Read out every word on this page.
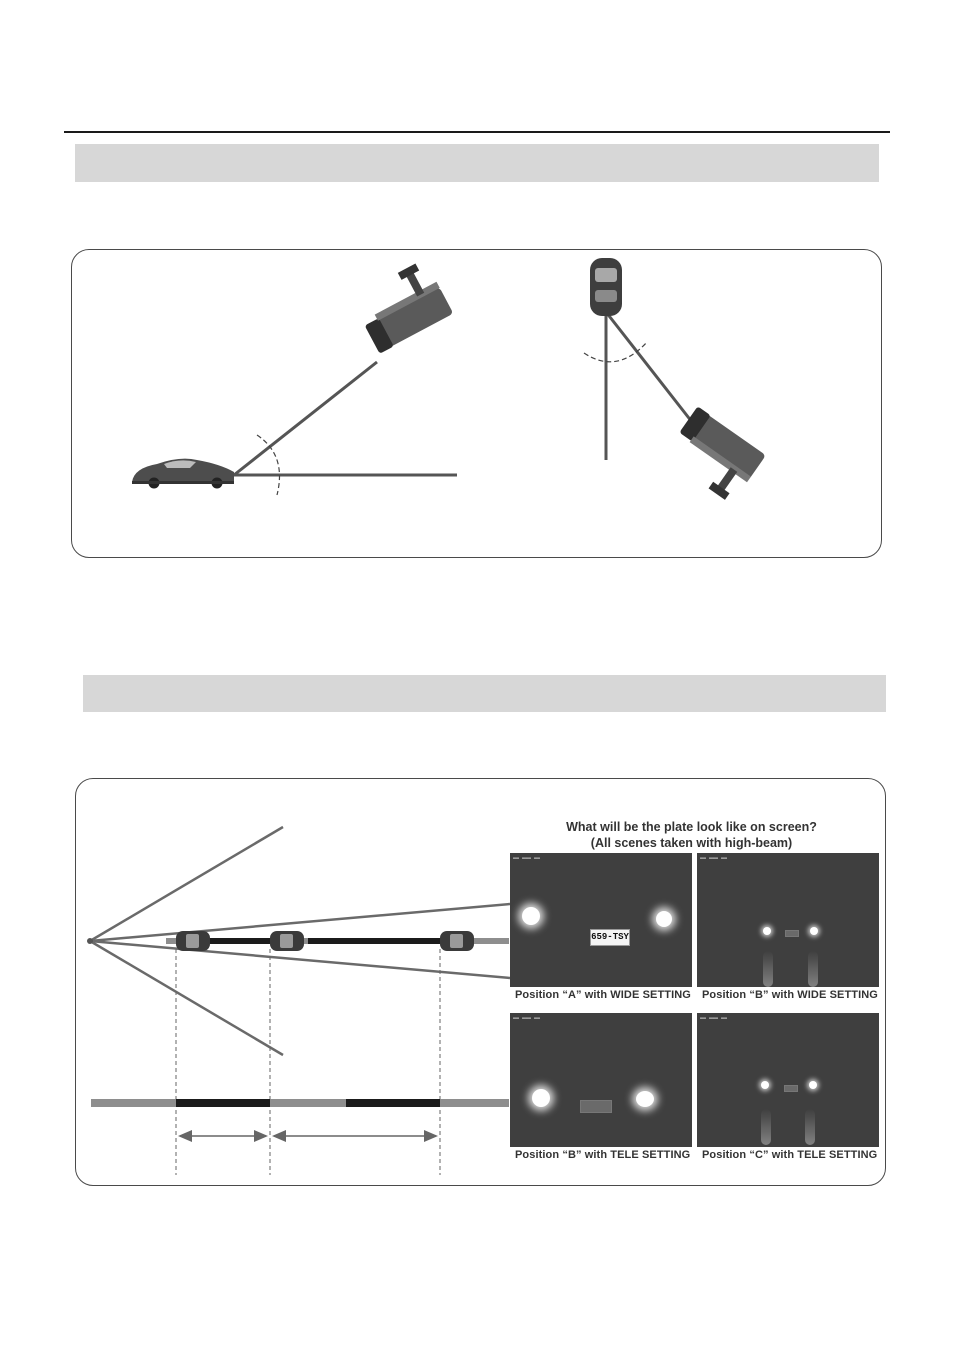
What will be the plate look like on screen?
(All scenes taken with high-beam)
▬▬ ▬▬▬ ▬▬
659-TSY
Position “A” with WIDE SETTING
▬▬ ▬▬▬ ▬▬
Position “B” with WIDE SETTING
▬▬ ▬▬▬ ▬▬
Position “B” with TELE SETTING
▬▬ ▬▬▬ ▬▬
Position “C” with TELE SETTING
